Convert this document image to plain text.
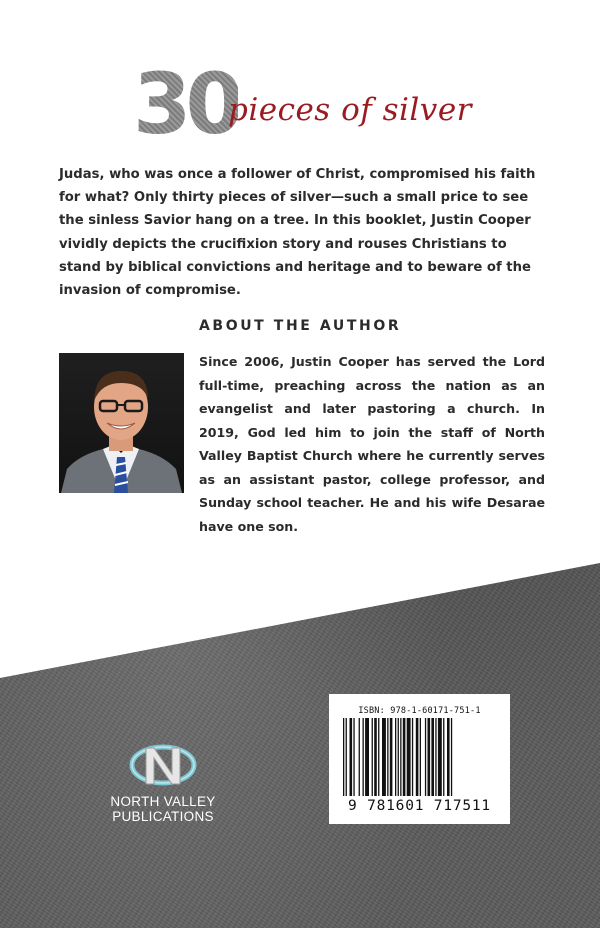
30
pieces of silver
Judas, who was once a follower of Christ, compromised his faith for what? Only thirty pieces of silver—such a small price to see the sinless Savior hang on a tree. In this booklet, Justin Cooper vividly depicts the crucifixion story and rouses Christians to stand by biblical convictions and heritage and to beware of the invasion of compromise.
ABOUT THE AUTHOR
Since 2006, Justin Cooper has served the Lord full-time, preaching across the nation as an evangelist and later pastoring a church. In 2019, God led him to join the staff of North Valley Baptist Church where he currently serves as an assistant pastor, college professor, and Sunday school teacher. He and his wife Desarae have one son.
NORTH VALLEY
PUBLICATIONS
ISBN: 978-1-60171-751-1
9 781601 717511
